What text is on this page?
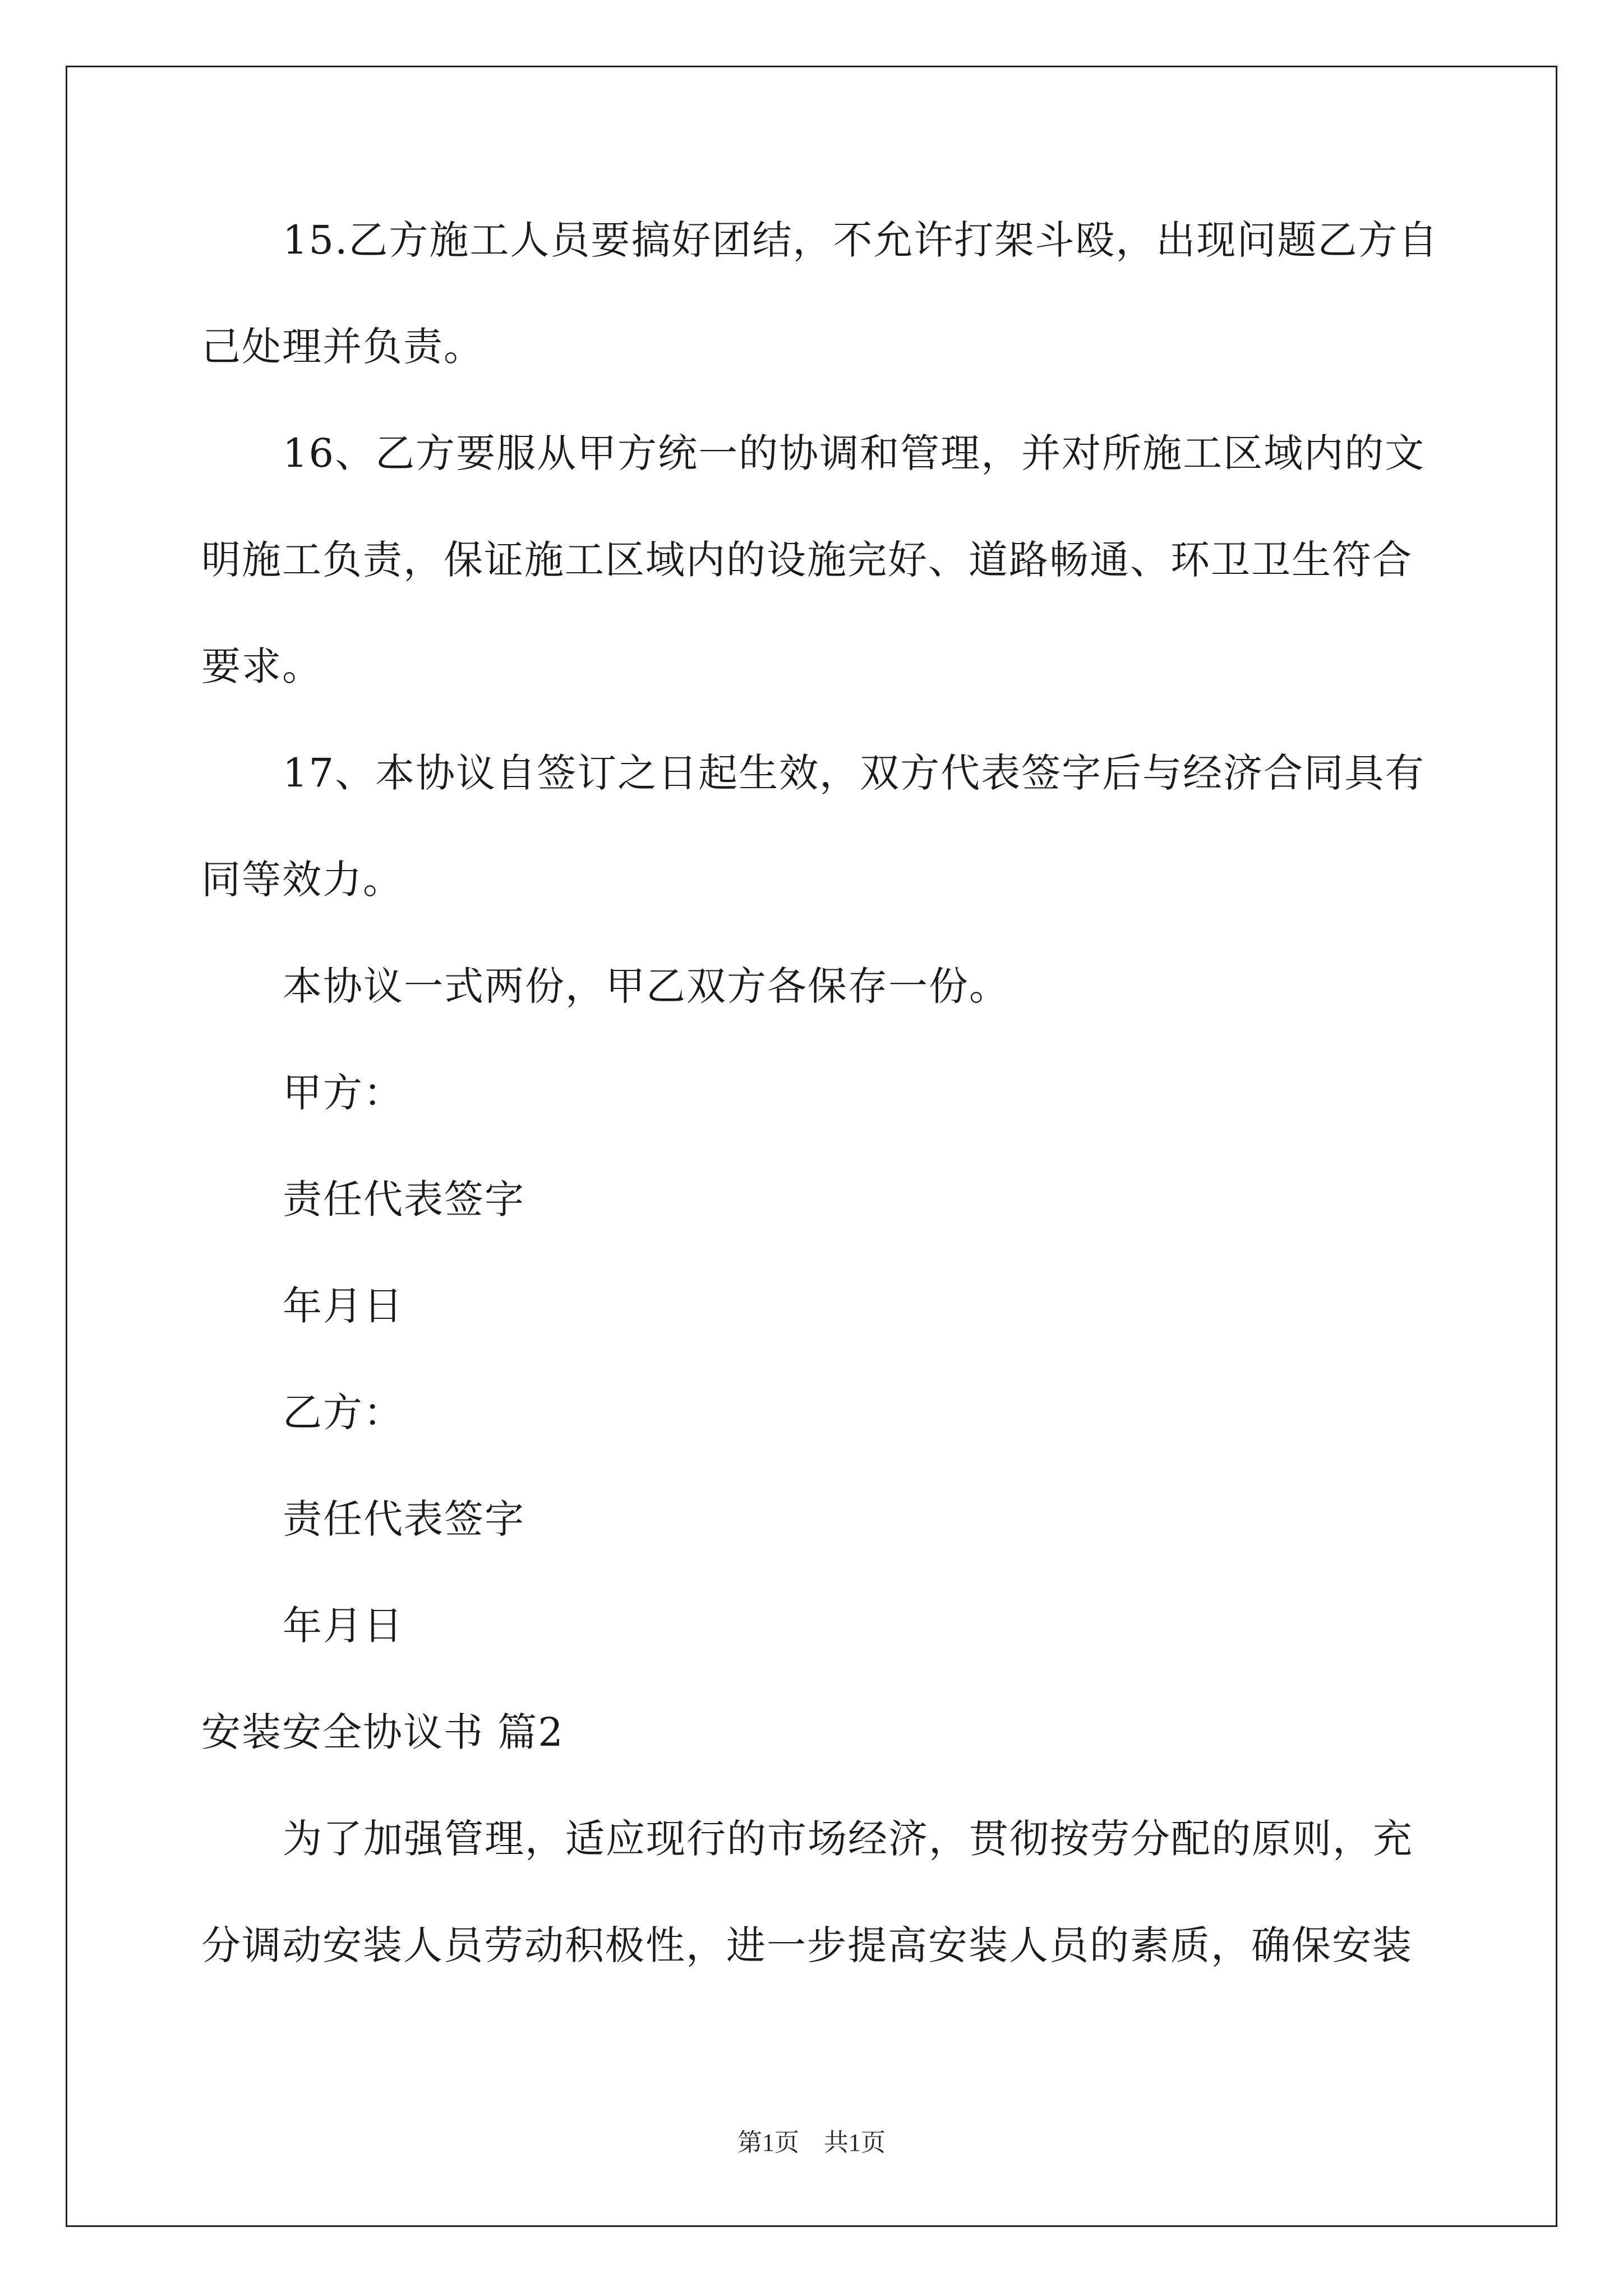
15.乙方施工人员要搞好团结，不允许打架斗殴，出现问题乙方自
己处理并负责。
16、乙方要服从甲方统一的协调和管理，并对所施工区域内的文
明施工负责，保证施工区域内的设施完好、道路畅通、环卫卫生符合
要求。
17、本协议自签订之日起生效，双方代表签字后与经济合同具有
同等效力。
本协议一式两份，甲乙双方各保存一份。
甲方：
责任代表签字
年月日
乙方：
责任代表签字
年月日
安装安全协议书 篇2
为了加强管理，适应现行的市场经济，贯彻按劳分配的原则，充
分调动安装人员劳动积极性，进一步提高安装人员的素质，确保安装
第1页　共1页
